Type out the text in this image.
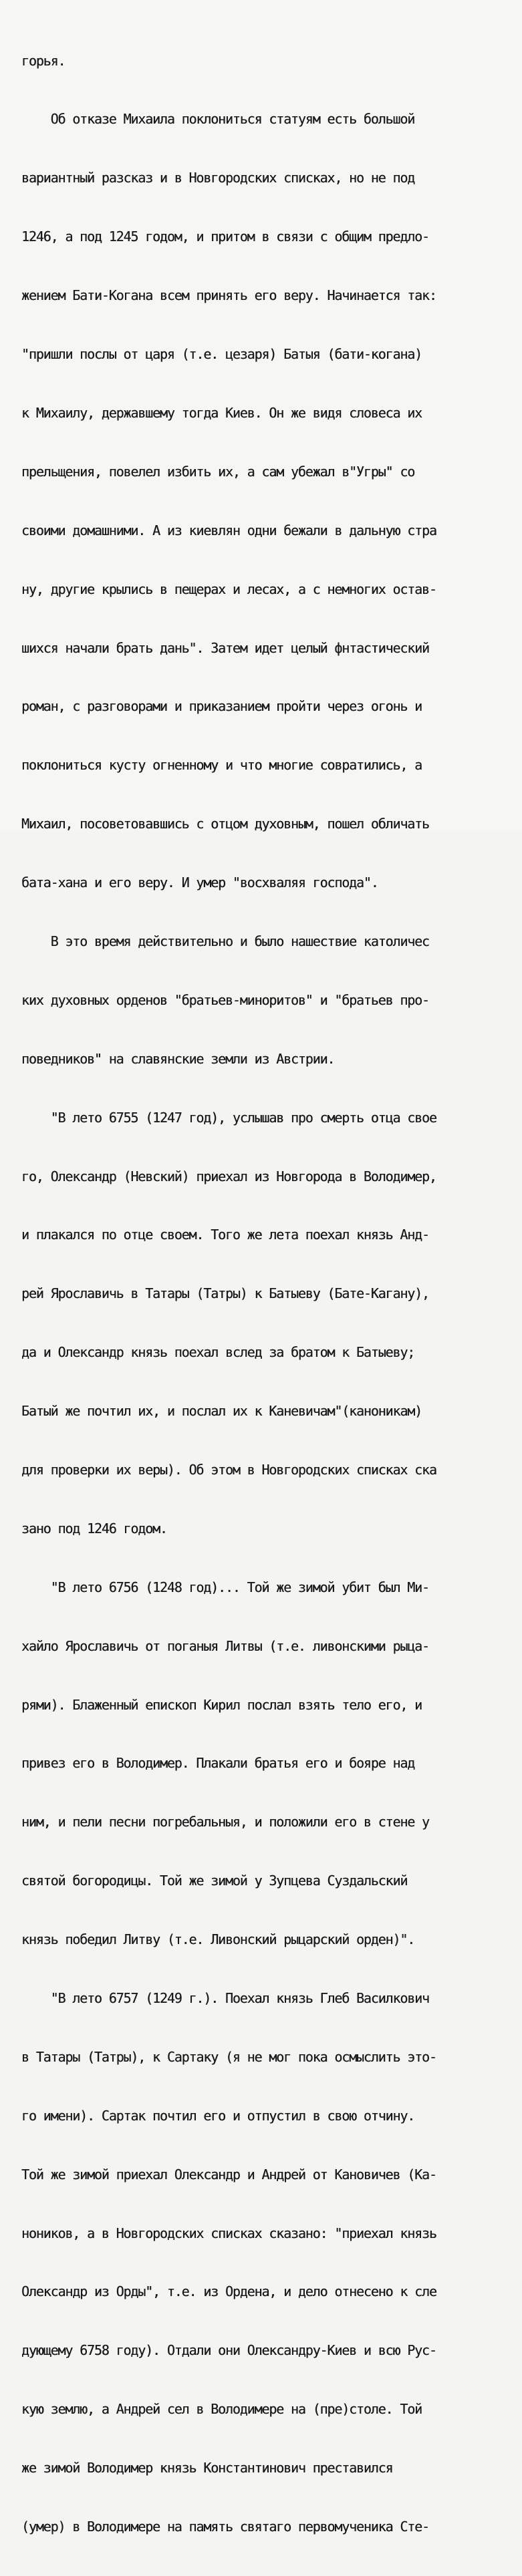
горья.

Об отказе Михаила поклониться статуям есть большой

вариантный разсказ и в Новгородских списках, но не под

1246, а под 1245 годом, и притом в связи с общим предло-

жением Бати-Когана всем принять его веру. Начинается так:

"пришли послы от царя (т.е. цезаря) Батыя (бати-когана)

к Михаилу, державшему тогда Киев. Он же видя словеса их

прельщения, повелел избить их, а сам убежал в"Угры" со

своими домашними. А из киевлян одни бежали в дальную стра

ну, другие крылись в пещерах и лесах, а с немногих остав-

шихся начали брать дань". Затем идет целый фнтастический

роман, с разговорами и приказанием пройти через огонь и

поклониться кусту огненному и что многие совратились, а

Михаил, посоветовавшись с отцом духовным, пошел обличать

бата-хана и его веру. И умер "восхваляя господа".

В это время действительно и было нашествие католичес

ких духовных орденов "братьев-миноритов" и "братьев про-

поведников" на славянские земли из Австрии.

"В лето 6755 (1247 год), услышав про смерть отца свое

го, Олександр (Невский) приехал из Новгорода в Володимер,

и плакался по отце своем. Того же лета поехал князь Анд-

рей Ярославичь в Татары (Татры) к Батыеву (Бате-Кагану),

да и Олександр князь поехал вслед за братом к Батыеву;

Батый же почтил их, и послал их к Каневичам"(каноникам)

для проверки их веры). Об этом в Новгородских списках ска

зано под 1246 годом.

"В лето 6756 (1248 год)... Той же зимой убит был Ми-

хайло Ярославичь от поганыя Литвы (т.е. ливонскими рыца-

рями). Блаженный епископ Кирил послал взять тело его, и

привез его в Володимер. Плакали братья его и бояре над

ним, и пели песни погребальныя, и положили его в стене у

святой богородицы. Той же зимой у Зупцева Суздальский

князь победил Литву (т.е. Ливонский рыцарский орден)".

"В лето 6757 (1249 г.). Поехал князь Глеб Василкович

в Татары (Татры), к Сартаку (я не мог пока осмыслить это-

го имени). Сартак почтил его и отпустил в свою отчину.

Той же зимой приехал Олександр и Андрей от Кановичев (Ка-

нoников, а в Новгородских списках сказано: "приехал князь

Олександр из Орды", т.е. из Ордена, и дело отнесено к сле

дующему 6758 году). Отдали они Олександру-Киев и всю Рус-

кую землю, а Андрей сел в Володимере на (пре)столе. Той

же зимой Володимер князь Константинович преставился

(умер) в Володимере на память святаго первомученика Сте-
